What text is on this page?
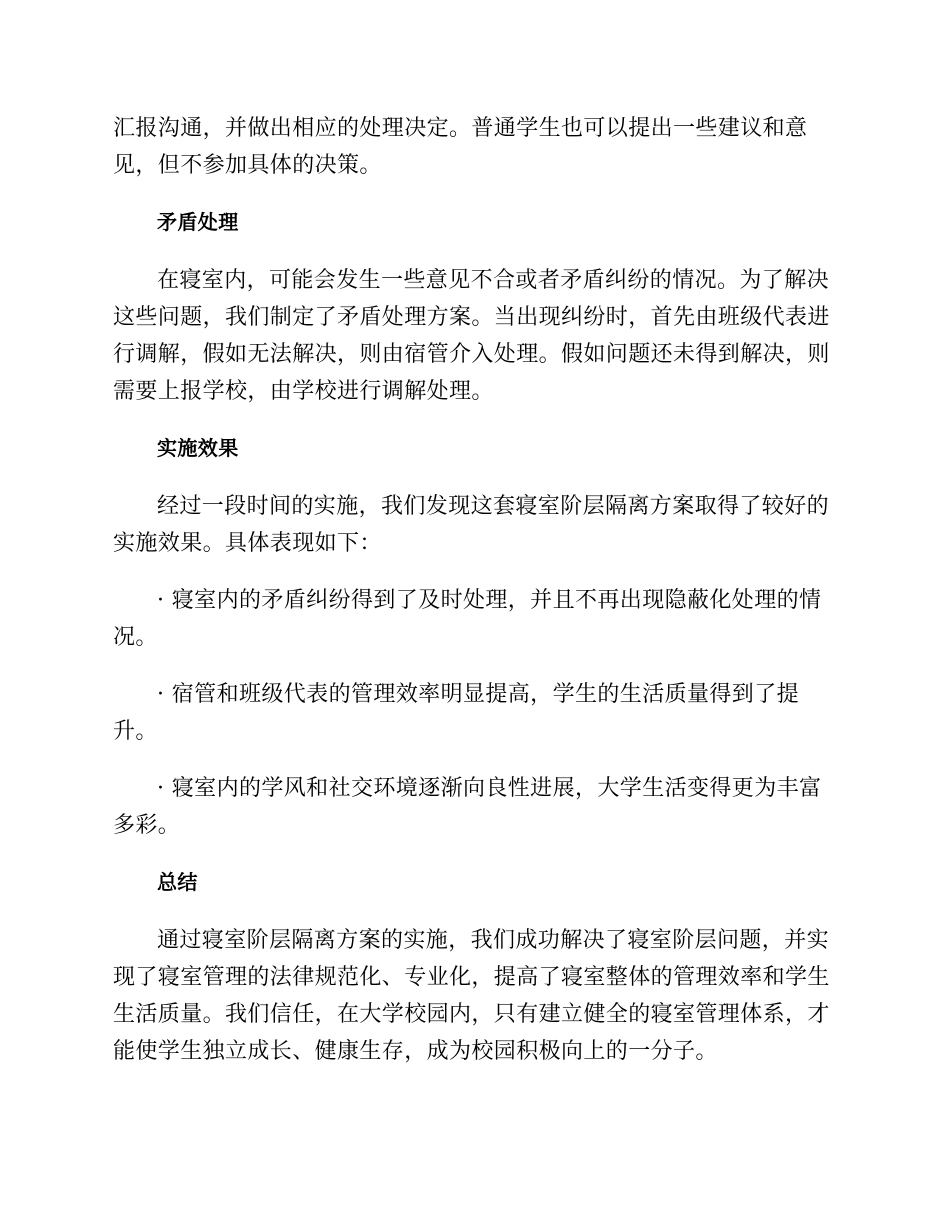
汇报沟通，并做出相应的处理决定。普通学生也可以提出一些建议和意见，但不参加具体的决策。

矛盾处理

在寝室内，可能会发生一些意见不合或者矛盾纠纷的情况。为了解决这些问题，我们制定了矛盾处理方案。当出现纠纷时，首先由班级代表进行调解，假如无法解决，则由宿管介入处理。假如问题还未得到解决，则需要上报学校，由学校进行调解处理。

实施效果

经过一段时间的实施，我们发现这套寝室阶层隔离方案取得了较好的实施效果。具体表现如下：

· 寝室内的矛盾纠纷得到了及时处理，并且不再出现隐蔽化处理的情况。

· 宿管和班级代表的管理效率明显提高，学生的生活质量得到了提升。

· 寝室内的学风和社交环境逐渐向良性进展，大学生活变得更为丰富多彩。

总结

通过寝室阶层隔离方案的实施，我们成功解决了寝室阶层问题，并实现了寝室管理的法律规范化、专业化，提高了寝室整体的管理效率和学生生活质量。我们信任，在大学校园内，只有建立健全的寝室管理体系，才能使学生独立成长、健康生存，成为校园积极向上的一分子。
